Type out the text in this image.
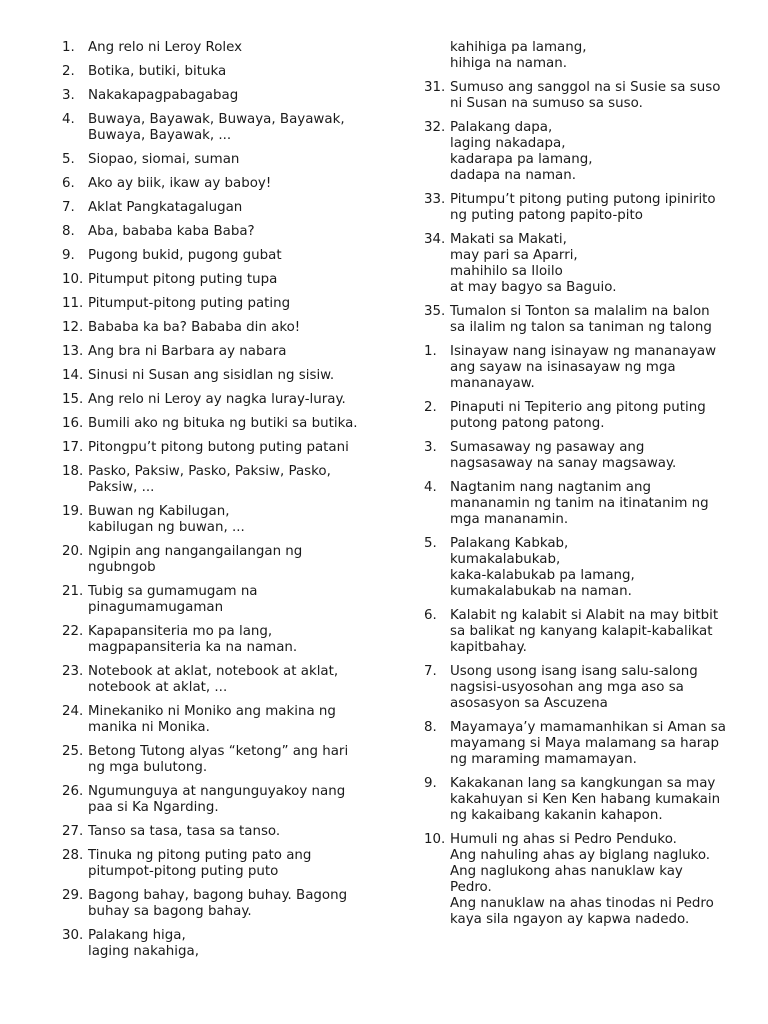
1. Ang relo ni Leroy Rolex
2. Botika, butiki, bituka
3. Nakakapagpabagabag
4. Buwaya, Bayawak, Buwaya, Bayawak,
Buwaya, Bayawak, ...
5. Siopao, siomai, suman
6. Ako ay biik, ikaw ay baboy!
7. Aklat Pangkatagalugan
8. Aba, bababa kaba Baba?
9. Pugong bukid, pugong gubat
10. Pitumput pitong puting tupa
11. Pitumput-pitong puting pating
12. Bababa ka ba? Bababa din ako!
13. Ang bra ni Barbara ay nabara
14. Sinusi ni Susan ang sisidlan ng sisiw.
15. Ang relo ni Leroy ay nagka luray-luray.
16. Bumili ako ng bituka ng butiki sa butika.
17. Pitongpu’t pitong butong puting patani
18. Pasko, Paksiw, Pasko, Paksiw, Pasko,
Paksiw, ...
19. Buwan ng Kabilugan,
kabilugan ng buwan, ...
20. Ngipin ang nangangailangan ng
ngubngob
21. Tubig sa gumamugam na
pinagumamugaman
22. Kapapansiteria mo pa lang,
magpapansiteria ka na naman.
23. Notebook at aklat, notebook at aklat,
notebook at aklat, ...
24. Minekaniko ni Moniko ang makina ng
manika ni Monika.
25. Betong Tutong alyas “ketong” ang hari
ng mga bulutong.
26. Ngumunguya at nangunguyakoy nang
paa si Ka Ngarding.
27. Tanso sa tasa, tasa sa tanso.
28. Tinuka ng pitong puting pato ang
pitumpot-pitong puting puto
29. Bagong bahay, bagong buhay. Bagong
buhay sa bagong bahay.
30. Palakang higa,
laging nakahiga,
kahihiga pa lamang,
hihiga na naman.
31. Sumuso ang sanggol na si Susie sa suso
ni Susan na sumuso sa suso.
32. Palakang dapa,
laging nakadapa,
kadarapa pa lamang,
dadapa na naman.
33. Pitumpu’t pitong puting putong ipinirito
ng puting patong papito-pito
34. Makati sa Makati,
may pari sa Aparri,
mahihilo sa Iloilo
at may bagyo sa Baguio.
35. Tumalon si Tonton sa malalim na balon
sa ilalim ng talon sa taniman ng talong
1. Isinayaw nang isinayaw ng mananayaw
ang sayaw na isinasayaw ng mga
mananayaw.
2. Pinaputi ni Tepiterio ang pitong puting
putong patong patong.
3. Sumasaway ng pasaway ang
nagsasaway na sanay magsaway.
4. Nagtanim nang nagtanim ang
mananamin ng tanim na itinatanim ng
mga mananamin.
5. Palakang Kabkab,
kumakalabukab,
kaka-kalabukab pa lamang,
kumakalabukab na naman.
6. Kalabit ng kalabit si Alabit na may bitbit
sa balikat ng kanyang kalapit-kabalikat
kapitbahay.
7. Usong usong isang isang salu-salong
nagsisi-usyosohan ang mga aso sa
asosasyon sa Ascuzena
8. Mayamaya’y mamamanhikan si Aman sa
mayamang si Maya malamang sa harap
ng maraming mamamayan.
9. Kakakanan lang sa kangkungan sa may
kakahuyan si Ken Ken habang kumakain
ng kakaibang kakanin kahapon.
10. Humuli ng ahas si Pedro Penduko.
Ang nahuling ahas ay biglang nagluko.
Ang naglukong ahas nanuklaw kay
Pedro.
Ang nanuklaw na ahas tinodas ni Pedro
kaya sila ngayon ay kapwa nadedo.
